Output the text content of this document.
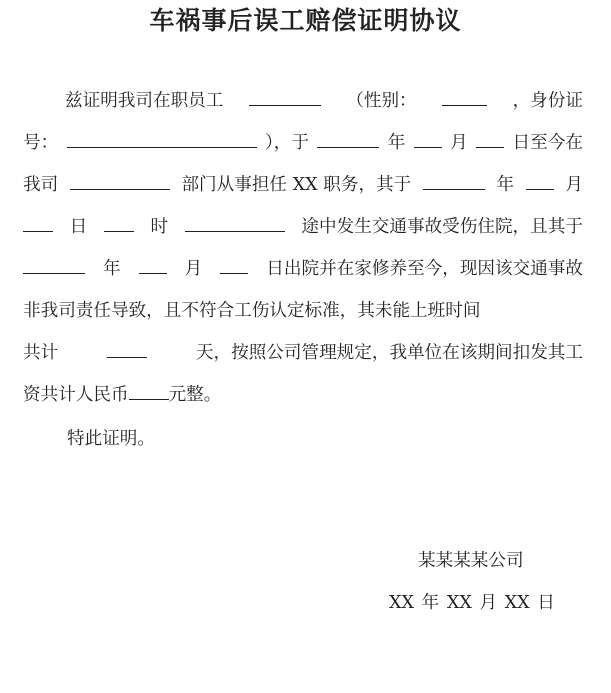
车祸事后误工赔偿证明协议
兹证明我司在职员工	（性别：	，身份证
号：	），于	年	月	日至今在
我司	部门从事担任 XX 职务，其于	年	月
日	时	途中发生交通事故受伤住院，且其于
年	月	日出院并在家修养至今，现因该交通事故
非我司责任导致，且不符合工伤认定标准，其未能上班时间
共计	天，按照公司管理规定，我单位在该期间扣发其工
资共计人民币 元整。
特此证明。
某某某某公司
XX 年 XX 月 XX 日
